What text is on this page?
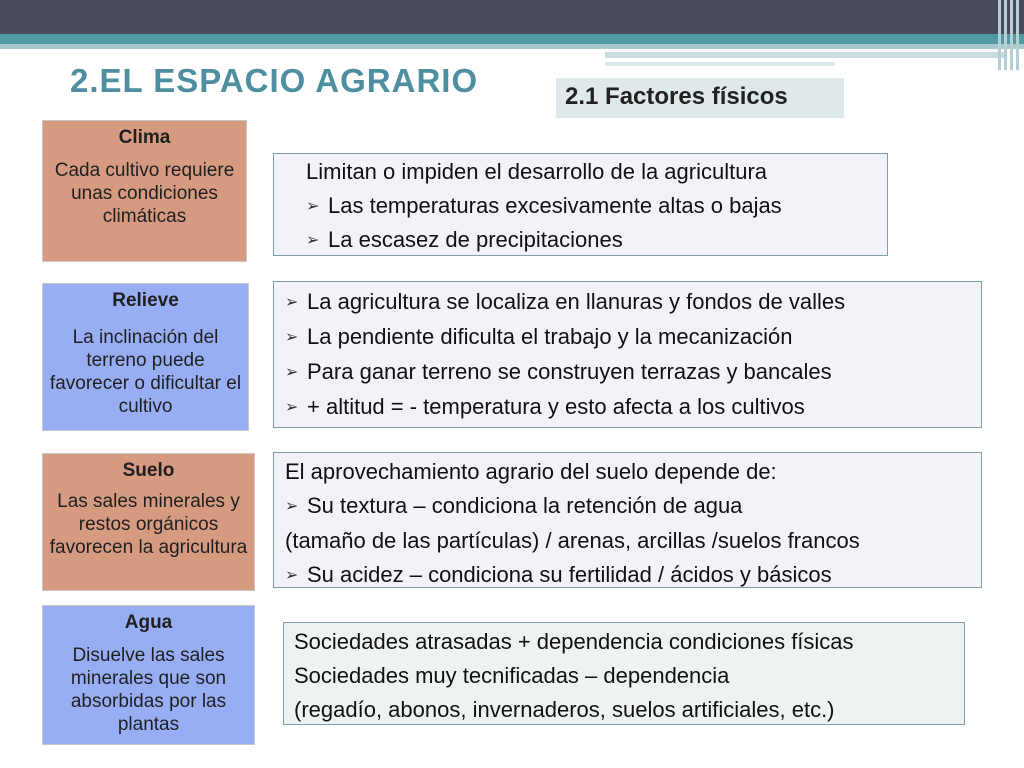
2.EL ESPACIO AGRARIO	2.1 Factores físicos
Clima
Cada cultivo requiere unas condiciones climáticas
Relieve
La inclinación del terreno puede favorecer o dificultar el cultivo
Suelo
Las sales minerales y restos orgánicos favorecen la agricultura
Agua
Disuelve las sales minerales que son absorbidas por las plantas
Limitan o impiden el desarrollo de la agricultura
➢ Las temperaturas excesivamente altas o bajas
➢ La escasez de precipitaciones
➢ La agricultura se localiza en llanuras y fondos de valles
➢ La pendiente dificulta el trabajo y la mecanización
➢ Para ganar terreno se construyen terrazas y bancales
➢ + altitud = - temperatura y esto afecta a los cultivos
El aprovechamiento agrario del suelo depende de:
➢ Su textura – condiciona la retención de agua
(tamaño de las partículas) / arenas, arcillas /suelos francos
➢ Su acidez – condiciona su fertilidad / ácidos y básicos
Sociedades atrasadas + dependencia condiciones físicas
Sociedades muy tecnificadas – dependencia
(regadío, abonos, invernaderos, suelos artificiales, etc.)
